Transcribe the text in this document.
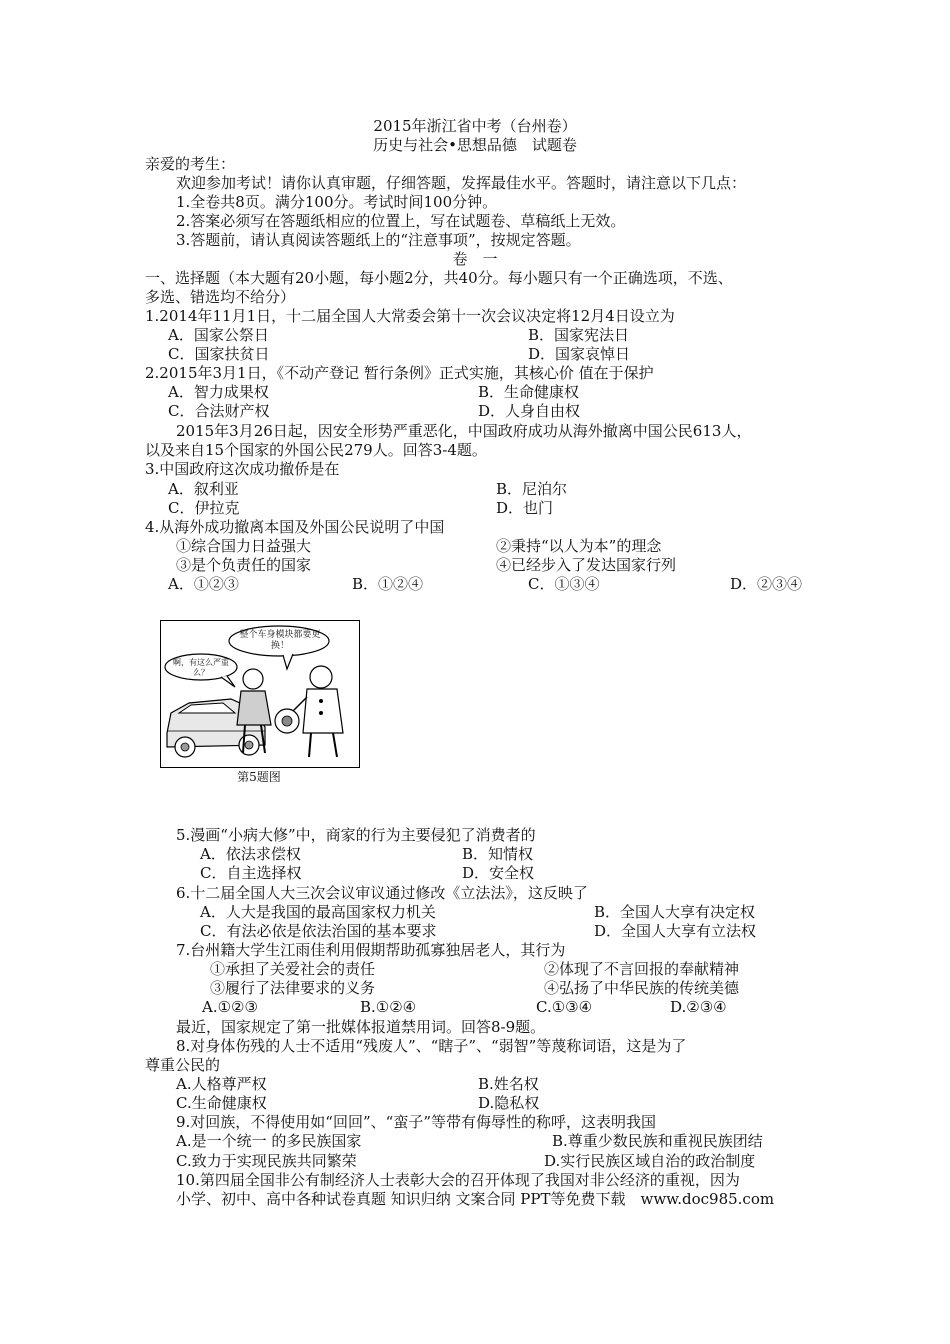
2015年浙江省中考（台州卷）
历史与社会•思想品德　试题卷
亲爱的考生：
欢迎参加考试！请你认真审题，仔细答题，发挥最佳水平。答题时，请注意以下几点：
1.全卷共8页。满分100分。考试时间100分钟。
2.答案必须写在答题纸相应的位置上，写在试题卷、草稿纸上无效。
3.答题前，请认真阅读答题纸上的“注意事项”，按规定答题。
卷　一
一、选择题（本大题有20小题，每小题2分，共40分。每小题只有一个正确选项，不选、
多选、错选均不给分）
1.2014年11月1日，十二届全国人大常委会第十一次会议决定将12月4日设立为
A．国家公祭日	B．国家宪法日
C．国家扶贫日	D．国家哀悼日
2.2015年3月1日，《不动产登记 暂行条例》正式实施，其核心价 值在于保护
A．智力成果权	B．生命健康权
C．合法财产权	D．人身自由权
2015年3月26日起，因安全形势严重恶化，中国政府成功从海外撤离中国公民613人，
以及来自15个国家的外国公民279人。回答3-4题。
3.中国政府这次成功撤侨是在
A．叙利亚	B．尼泊尔
C．伊拉克	D．也门
4.从海外成功撤离本国及外国公民说明了中国
①综合国力日益强大	②秉持“以人为本”的理念
③是个负责任的国家	④已经步入了发达国家行列
A．①②③	B．①②④	C．①③④	D．②③④
整个车身模块都要更换！
啊，有这么严重么？
第5题图
5.漫画“小病大修”中，商家的行为主要侵犯了消费者的
A．依法求偿权	B．知情权
C．自主选择权	D．安全权
6.十二届全国人大三次会议审议通过修改《立法法》，这反映了
A．人大是我国的最高国家权力机关	B．全国人大享有决定权
C．有法必依是依法治国的基本要求	D．全国人大享有立法权
7.台州籍大学生江雨佳利用假期帮助孤寡独居老人，其行为
①承担了关爱社会的责任	②体现了不言回报的奉献精神
③履行了法律要求的义务	④弘扬了中华民族的传统美德
A.①②③	B.①②④	C.①③④	D.②③④
最近，国家规定了第一批媒体报道禁用词。回答8-9题。
8.对身体伤残的人士不适用“残废人”、“瞎子”、“弱智”等蔑称词语，这是为了
尊重公民的
A.人格尊严权	B.姓名权
C.生命健康权	D.隐私权
9.对回族，不得使用如“回回”、“蛮子”等带有侮辱性的称呼，这表明我国
A.是一个统一 的多民族国家	B.尊重少数民族和重视民族团结
C.致力于实现民族共同繁荣	D.实行民族区域自治的政治制度
10.第四届全国非公有制经济人士表彰大会的召开体现了我国对非公经济的重视，因为
小学、初中、高中各种试卷真题 知识归纳 文案合同 PPT等免费下载　www.doc985.com
